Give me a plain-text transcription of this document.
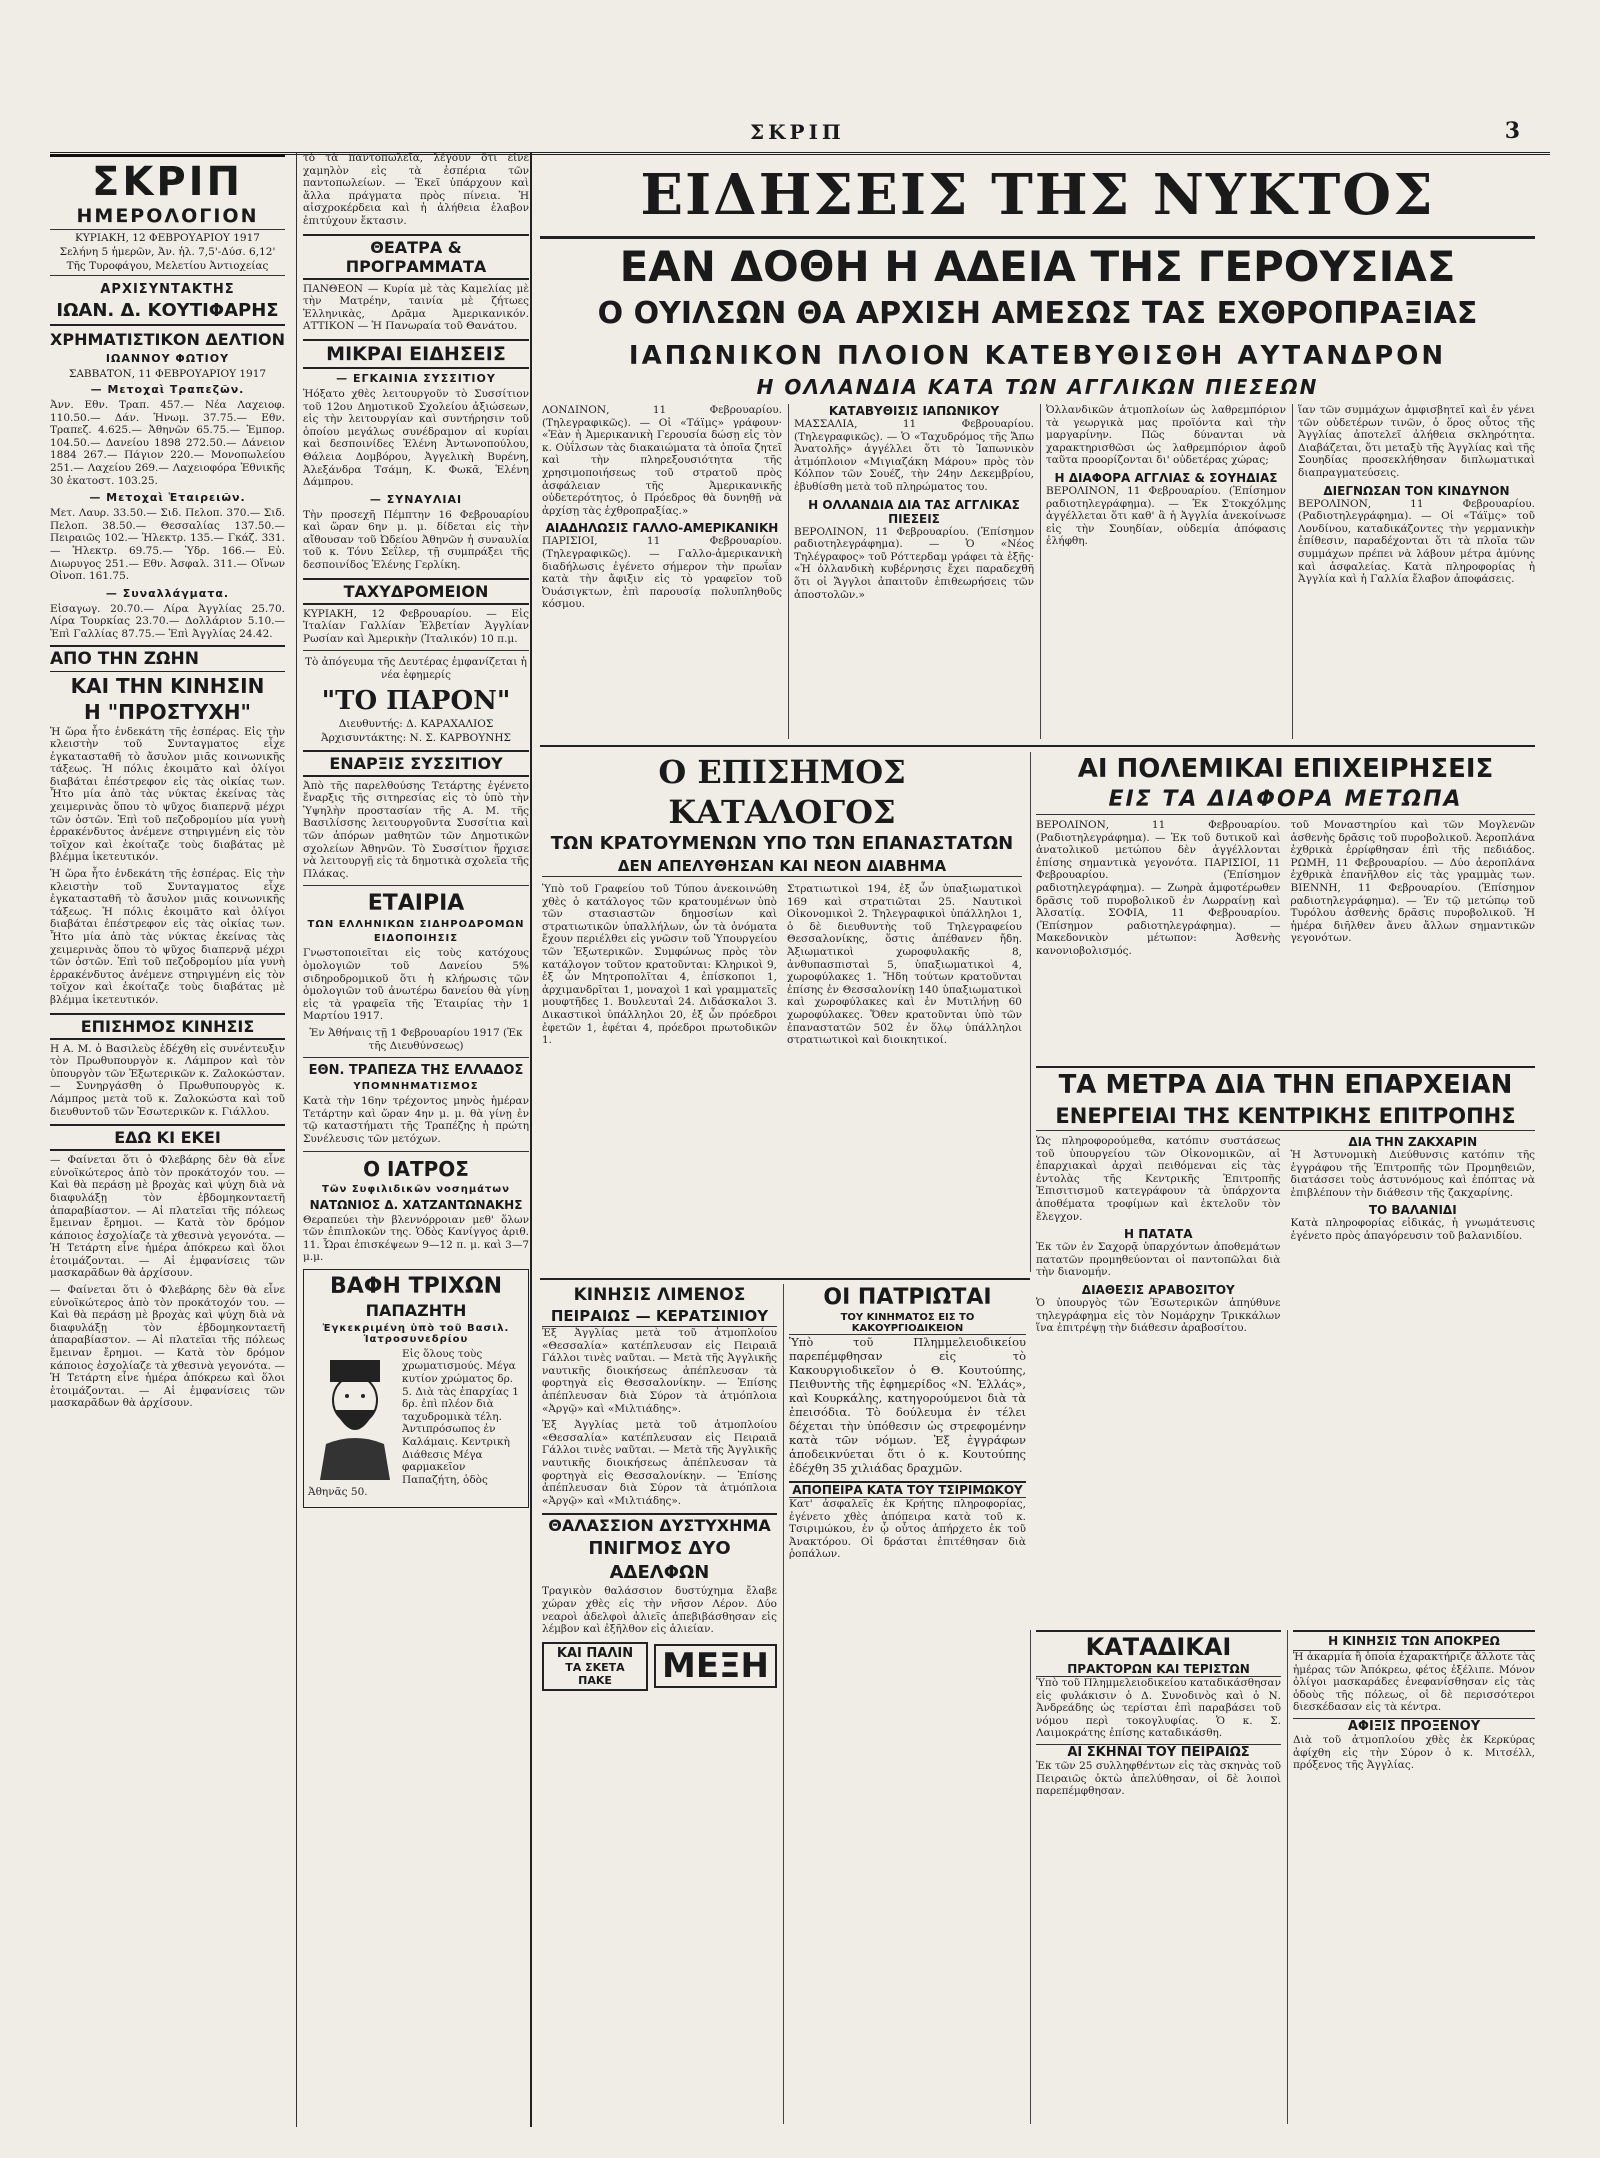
ΣΚΡΙΠ	3
ΣΚΡΙΠ
ΗΜΕΡΟΛΟΓΙΟΝ
ΚΥΡΙΑΚΗ, 12 ΦΕΒΡΟΥΑΡΙΟΥ 1917
Σελήνη 5 ἡμερῶν, Ἀν. ἡλ. 7,5'-Δύσ. 6,12'
Τῆς Τυροφάγου, Μελετίου Ἀντιοχείας
ΑΡΧΙΣΥΝΤΑΚΤΗΣ
ΙΩΑΝ. Δ. ΚΟΥΤΙΦΑΡΗΣ
ΧΡΗΜΑΤΙΣΤΙΚΟΝ ΔΕΛΤΙΟΝ
ΙΩΑΝΝΟΥ ΦΩΤΙΟΥ
ΣΑΒΒΑΤΟΝ, 11 ΦΕΒΡΟΥΑΡΙΟΥ 1917
— Μετοχαὶ Τραπεζῶν.

Ἀνν. Εθν. Τραπ. 457.— Νέα Λαχειοφ. 110.50.— Δάν. Ἠνωμ. 37.75.— Εθν. Τραπεζ. 4.625.— Ἀθηνῶν 65.75.— Ἐμπορ. 104.50.— Δανείου 1898 272.50.— Δάνειον 1884 267.— Πάγιον 220.— Μονοπωλείου 251.— Λαχείου 269.— Λαχειοφόρα Ἐθνικῆς 30 ἑκατοστ. 103.25.

— Μετοχαὶ Ἑταιρειῶν.

Μετ. Λαυρ. 33.50.— Σιδ. Πελοπ. 370.— Σιδ. Πελοπ. 38.50.— Θεσσαλίας 137.50.— Πειραιῶς 102.— Ἡλεκτρ. 135.— Γκάζ. 331.— Ἡλεκτρ. 69.75.— Ὑδρ. 166.— Εὐ. Διωρυγος 251.— Εθν. Ἀσφαλ. 311.— Οἴνων Οἰνοπ. 161.75.

— Συναλλάγματα.

Εἰσαγωγ. 20.70.— Λίρα Ἀγγλίας 25.70. Λίρα Τουρκίας 23.70.— Δολλάριον 5.10.— Ἐπὶ Γαλλίας 87.75.— Ἐπὶ Ἀγγλίας 24.42.

ΑΠΟ ΤΗΝ ΖΩΗΝ
ΚΑΙ ΤΗΝ ΚΙΝΗΣΙΝ
Η "ΠΡΟΣΤΥΧΗ"

Ἡ ὥρα ἦτο ἐνδεκάτη τῆς ἑσπέρας. Εἰς τὴν κλειστὴν τοῦ Συνταγματος εἶχε ἐγκατασταθῆ τὸ ἄσυλον μιᾶς κοινωνικῆς τάξεως. Ἡ πόλις ἐκοιμᾶτο καὶ ὁλίγοι διαβάται ἐπέστρεφον εἰς τὰς οἰκίας των. Ἦτο μία ἀπὸ τὰς νύκτας ἐκείνας τὰς χειμερινὰς ὅπου τὸ ψῦχος διαπερνᾷ μέχρι τῶν ὀστῶν. Ἐπὶ τοῦ πεζοδρομίου μία γυνὴ ἐρρακένδυτος ἀνέμενε στηριγμένη εἰς τὸν τοῖχον καὶ ἐκοίταζε τοὺς διαβάτας μὲ βλέμμα ἱκετευτικόν.

Ἡ ὥρα ἦτο ἐνδεκάτη τῆς ἑσπέρας. Εἰς τὴν κλειστὴν τοῦ Συνταγματος εἶχε ἐγκατασταθῆ τὸ ἄσυλον μιᾶς κοινωνικῆς τάξεως. Ἡ πόλις ἐκοιμᾶτο καὶ ὁλίγοι διαβάται ἐπέστρεφον εἰς τὰς οἰκίας των. Ἦτο μία ἀπὸ τὰς νύκτας ἐκείνας τὰς χειμερινὰς ὅπου τὸ ψῦχος διαπερνᾷ μέχρι τῶν ὀστῶν. Ἐπὶ τοῦ πεζοδρομίου μία γυνὴ ἐρρακένδυτος ἀνέμενε στηριγμένη εἰς τὸν τοῖχον καὶ ἐκοίταζε τοὺς διαβάτας μὲ βλέμμα ἱκετευτικόν.

ΕΠΙΣΗΜΟΣ ΚΙΝΗΣΙΣ

Η Α. Μ. ὁ Βασιλεὺς ἐδέχθη εἰς συνέντευξιν τὸν Πρωθυπουργὸν κ. Λάμπρον καὶ τὸν ὑπουργὸν τῶν Ἐξωτερικῶν κ. Ζαλοκώσταν. — Συνηργάσθη ὁ Πρωθυπουργὸς κ. Λάμπρος μετὰ τοῦ κ. Ζαλοκώστα καὶ τοῦ διευθυντοῦ τῶν Ἐσωτερικῶν κ. Γιάλλου.

ΕΔΩ ΚΙ ΕΚΕΙ

— Φαίνεται ὅτι ὁ Φλεβάρης δὲν θὰ εἶνε εὐνοϊκώτερος ἀπὸ τὸν προκάτοχόν του. — Καὶ θὰ περάσῃ μὲ βροχὰς καὶ ψύχη διὰ νὰ διαφυλάξῃ τὸν ἑβδομηκονταετῆ ἀπαραβίαστον. — Αἱ πλατεῖαι τῆς πόλεως ἔμειναν ἔρημοι. — Κατὰ τὸν δρόμον κάποιος ἐσχολίαζε τὰ χθεσινὰ γεγονότα. — Ἡ Τετάρτη εἶνε ἡμέρα ἀπόκρεω καὶ ὅλοι ἑτοιμάζονται. — Αἱ ἐμφανίσεις τῶν μασκαρᾶδων θὰ ἀρχίσουν.

— Φαίνεται ὅτι ὁ Φλεβάρης δὲν θὰ εἶνε εὐνοϊκώτερος ἀπὸ τὸν προκάτοχόν του. — Καὶ θὰ περάσῃ μὲ βροχὰς καὶ ψύχη διὰ νὰ διαφυλάξῃ τὸν ἑβδομηκονταετῆ ἀπαραβίαστον. — Αἱ πλατεῖαι τῆς πόλεως ἔμειναν ἔρημοι. — Κατὰ τὸν δρόμον κάποιος ἐσχολίαζε τὰ χθεσινὰ γεγονότα. — Ἡ Τετάρτη εἶνε ἡμέρα ἀπόκρεω καὶ ὅλοι ἑτοιμάζονται. — Αἱ ἐμφανίσεις τῶν μασκαρᾶδων θὰ ἀρχίσουν.

τὸ τὰ παντοπωλεῖα, λέγουν ὅτι εἶνε χαμηλὸν εἰς τὰ ἑσπέρια τῶν παντοπωλείων. — Ἐκεῖ ὑπάρχουν καὶ ἄλλα πράγματα πρὸς πίνεια. Ἡ αἰσχροκέρδεια καὶ ἡ ἀλήθεια ἐλαβον ἐπιτύχουν ἔκτασιν.

ΘΕΑΤΡΑ & ΠΡΟΓΡΑΜΜΑΤΑ

ΠΑΝΘΕΟΝ — Κυρία μὲ τὰς Καμελίας μὲ τὴν Ματρέην, ταινία μὲ ζήτωες Ἑλληνικὰς, Δρᾶμα Ἀμερικανικόν. ΑΤΤΙΚΟΝ — Ἡ Πανωραία τοῦ Θανάτου.

ΜΙΚΡΑΙ ΕΙΔΗΣΕΙΣ
— ΕΓΚΑΙΝΙΑ ΣΥΣΣΙΤΙΟΥ

Ἡόξατο χθὲς λειτουργοῦν τὸ Συσσίτιον τοῦ 12ου Δημοτικοῦ Σχολείου ἀξιώσεων, εἰς τὴν λειτουργίαν καὶ συντήρησιν τοῦ ὁποίου μεγάλως συνέδραμον αἱ κυρίαι καὶ δεσποινίδες Ἑλένη Ἀντωνοπούλου, Θάλεια Δομβόρου, Ἀγγελικὴ Βυρένη, Ἀλεξάνδρα Τσάμη, Κ. Φωκᾶ, Ἑλένη Δάμπρου.

— ΣΥΝΑΥΛΙΑΙ

Τὴν προσεχῆ Πέμπτην 16 Φεβρουαρίου καὶ ὥραν 6ην μ. μ. δίδεται εἰς τὴν αἴθουσαν τοῦ Ὠδείου Ἀθηνῶν ἡ συναυλία τοῦ κ. Τόνυ Σεΐλερ, τῇ συμπράξει τῆς δεσποινίδος Ἐλένης Γερλίκη.

ΤΑΧΥΔΡΟΜΕΙΟΝ

ΚΥΡΙΑΚΗ, 12 Φεβρουαρίου. — Εἰς Ἰταλίαν Γαλλίαν Ἑλβετίαν Ἀγγλίαν Ρωσίαν καὶ Ἀμερικὴν (Ἰταλικόν) 10 π.μ.

Τὸ ἀπόγευμα τῆς Δευτέρας ἐμφανίζεται ἡ νέα ἐφημερίς

"ΤΟ ΠΑΡΟΝ"
Διευθυντής: Δ. ΚΑΡΑΧΑΛΙΟΣ
Ἀρχισυντάκτης: Ν. Σ. ΚΑΡΒΟΥΝΗΣ
ΕΝΑΡΞΙΣ ΣΥΣΣΙΤΙΟΥ

Ἀπὸ τῆς παρελθούσης Τετάρτης ἐγένετο ἔναρξις τῆς σιτηρεσίας εἰς τὸ ὑπὸ τὴν Ὑψηλὴν προστασίαν τῆς Α. Μ. τῆς Βασιλίσσης λειτουργοῦντα Συσσίτια καὶ τῶν ἀπόρων μαθητῶν τῶν Δημοτικῶν σχολείων Ἀθηνῶν. Τὸ Συσσίτιον ἤρχισε νὰ λειτουργῇ εἰς τὰ δημοτικὰ σχολεῖα τῆς Πλάκας.

ΕΤΑΙΡΙΑ
ΤΩΝ ΕΛΛΗΝΙΚΩΝ ΣΙΔΗΡΟΔΡΟΜΩΝ
ΕΙΔΟΠΟΙΗΣΙΣ

Γνωστοποιεῖται εἰς τοὺς κατόχους ὁμολογιῶν τοῦ Δανείου 5% σιδηροδρομικοῦ ὅτι ἡ κλήρωσις τῶν ὁμολογιῶν τοῦ ἀνωτέρω δανείου θὰ γίνῃ εἰς τὰ γραφεῖα τῆς Ἑταιρίας τὴν 1 Μαρτίου 1917.

Ἐν Ἀθήναις τῇ 1 Φεβρουαρίου 1917 (Ἐκ τῆς Διευθύνσεως)

ΕΘΝ. ΤΡΑΠΕΖΑ ΤΗΣ ΕΛΛΑΔΟΣ
ΥΠΟΜΝΗΜΑΤΙΣΜΟΣ

Κατὰ τὴν 16ην τρέχοντος μηνὸς ἡμέραν Τετάρτην καὶ ὥραν 4ην μ. μ. θὰ γίνῃ ἐν τῷ καταστήματι τῆς Τραπέζης ἡ πρώτη Συνέλευσις τῶν μετόχων.

Ο ΙΑΤΡΟΣ
Τῶν Συφιλιδικῶν νοσημάτων
ΝΑΤΩΝΙΟΣ Δ. ΧΑΤΖΑΝΤΩΝΑΚΗΣ

Θεραπεύει τὴν βλεννόρροιαν μεθ' ὅλων τῶν ἐπιπλοκῶν της. Ὁδὸς Κανίγγος ἀριθ. 11. Ὧραι ἐπισκέψεων 9—12 π. μ. καὶ 3—7 μ.μ.

ΒΑΦΗ ΤΡΙΧΩΝ
ΠΑΠΑΖΗΤΗ
Ἐγκεκριμένη ὑπὸ τοῦ Βασιλ. Ἰατροσυνεδρίου

Εἰς ὅλους τοὺς χρωματισμούς. Μέγα κυτίον χρώματος δρ. 5. Διὰ τὰς ἐπαρχίας 1 δρ. ἐπὶ πλέον διὰ ταχυδρομικὰ τέλη. Ἀντιπρόσωπος ἐν Καλάμαις. Κεντρικὴ Διάθεσις Μέγα φαρμακεῖον Παπαζήτη, ὁδὸς Ἀθηνᾶς 50.

ΕΙΔΗΣΕΙΣ ΤΗΣ ΝΥΚΤΟΣ
ΕΑΝ ΔΟΘΗ Η ΑΔΕΙΑ ΤΗΣ ΓΕΡΟΥΣΙΑΣ
Ο ΟΥΙΛΣΩΝ ΘΑ ΑΡΧΙΣΗ ΑΜΕΣΩΣ ΤΑΣ ΕΧΘΡΟΠΡΑΞΙΑΣ
ΙΑΠΩΝΙΚΟΝ ΠΛΟΙΟΝ ΚΑΤΕΒΥΘΙΣΘΗ ΑΥΤΑΝΔΡΟΝ
Η ΟΛΛΑΝΔΙΑ ΚΑΤΑ ΤΩΝ ΑΓΓΛΙΚΩΝ ΠΙΕΣΕΩΝ

ΛΟΝΔΙΝΟΝ, 11 Φεβρουαρίου. (Τηλεγραφικῶς). — Οἱ «Τάϊμς» γράφουν· «Ἐὰν ἡ Ἀμερικανικὴ Γερουσία δώσῃ εἰς τὸν κ. Οὐΐλσων τὰς διακαιώματα τὰ ὁποῖα ζητεῖ καὶ τὴν πληρεξουσιότητα τῆς χρησιμοποιήσεως τοῦ στρατοῦ πρὸς ἀσφάλειαν τῆς Ἀμερικανικῆς οὐδετερότητος, ὁ Πρόεδρος θὰ δυνηθῇ νὰ ἀρχίσῃ τὰς ἐχθροπραξίας.»

ΑΙΑΔΗΛΩΣΙΣ ΓΑΛΛΟ-ΑΜΕΡΙΚΑΝΙΚΗ

ΠΑΡΙΣΙΟΙ, 11 Φεβρουαρίου. (Τηλεγραφικῶς). — Γαλλο-ἀμερικανικὴ διαδήλωσις ἐγένετο σήμερον τὴν πρωΐαν κατὰ τὴν ἄφιξιν εἰς τὸ γραφεῖον τοῦ Ὀυάσιγκτων, ἐπὶ παρουσίᾳ πολυπληθοῦς κόσμου.

ΚΑΤΑΒΥΘΙΣΙΣ ΙΑΠΩΝΙΚΟΥ

ΜΑΣΣΑΛΙΑ, 11 Φεβρουαρίου. (Τηλεγραφικῶς). — Ὁ «Ταχυδρόμος τῆς Ἄπω Ἀνατολῆς» ἀγγέλλει ὅτι τὸ Ἰαπωνικὸν ἀτμόπλοιον «Μιγιαζάκη Μάρου» πρὸς τὸν Κόλπον τῶν Σουέζ, τὴν 24ην Δεκεμβρίου, ἐβυθίσθη μετὰ τοῦ πληρώματος του.

Η ΟΛΛΑΝΔΙΑ ΔΙΑ ΤΑΣ ΑΓΓΛΙΚΑΣ ΠΙΕΣΕΙΣ

ΒΕΡΟΛΙΝΟΝ, 11 Φεβρουαρίου. (Ἐπίσημον ραδιοτηλεγράφημα). — Ὁ «Νέος Τηλέγραφος» τοῦ Ρόττερδαμ γράφει τὰ ἑξῆς· «Ἡ ὀλλανδικὴ κυβέρνησις ἔχει παραδεχθῆ ὅτι οἱ Ἄγγλοι ἀπαιτοῦν ἐπιθεωρήσεις τῶν ἀποστολῶν.»

Ὀλλανδικῶν ἀτμοπλοίων ὡς λαθρεμπόριον τὰ γεωργικὰ μας προϊόντα καὶ τὴν μαργαρίνην. Πῶς δύνανται νὰ χαρακτηρισθῶσι ὡς λαθρεμπόριον ἀφοῦ ταῦτα προορίζονται δι' οὐδετέρας χώρας;

Η ΔΙΑΦΟΡΑ ΑΓΓΛΙΑΣ & ΣΟΥΗΔΙΑΣ

ΒΕΡΟΛΙΝΟΝ, 11 Φεβρουαρίου. (Ἐπίσημον ραδιοτηλεγράφημα). — Ἐκ Στοκχόλμης ἀγγέλλεται ὅτι καθ' ἃ ἡ Ἀγγλία ἀνεκοίνωσε εἰς τὴν Σουηδίαν, οὐδεμία ἀπόφασις ἐλήφθη.

ἵαν τῶν συμμάχων ἀμφισβητεῖ καὶ ἐν γένει τῶν οὐδετέρων τινῶν, ὁ ὅρος οὗτος τῆς Ἀγγλίας ἀποτελεῖ ἀλήθεια σκληρότητα. Διαβάζεται, ὅτι μεταξὺ τῆς Ἀγγλίας καὶ τῆς Σουηδίας προσεκλήθησαν διπλωματικαὶ διαπραγματεύσεις.

ΔΙΕΓΝΩΣΑΝ ΤΟΝ ΚΙΝΔΥΝΟΝ

ΒΕΡΟΛΙΝΟΝ, 11 Φεβρουαρίου. (Ραδιοτηλεγράφημα). — Οἱ «Τάϊμς» τοῦ Λονδίνου, καταδικάζοντες τὴν γερμανικὴν ἐπίθεσιν, παραδέχονται ὅτι τὰ πλοῖα τῶν συμμάχων πρέπει νὰ λάβουν μέτρα ἀμύνης καὶ ἀσφαλείας. Κατὰ πληροφορίας ἡ Ἀγγλία καὶ ἡ Γαλλία ἔλαβον ἀποφάσεις.

Ο ΕΠΙΣΗΜΟΣ ΚΑΤΑΛΟΓΟΣ
ΤΩΝ ΚΡΑΤΟΥΜΕΝΩΝ ΥΠΟ ΤΩΝ ΕΠΑΝΑΣΤΑΤΩΝ
ΔΕΝ ΑΠΕΛΥΘΗΣΑΝ ΚΑΙ ΝΕΟΝ ΔΙΑΒΗΜΑ

Ὑπὸ τοῦ Γραφείου τοῦ Τύπου ἀνεκοινώθη χθὲς ὁ κατάλογος τῶν κρατουμένων ὑπὸ τῶν στασιαστῶν δημοσίων καὶ στρατιωτικῶν ὑπαλλήλων, ὧν τὰ ὀνόματα ἔχουν περιέλθει εἰς γνῶσιν τοῦ Ὑπουργείου τῶν Ἐξωτερικῶν. Συμφώνως πρὸς τὸν κατάλογον τοῦτον κρατοῦνται: Κληρικοὶ 9, ἐξ ὧν Μητροπολῖται 4, ἐπίσκοποι 1, ἀρχιμανδρῖται 1, μοναχοὶ 1 καὶ γραμματεῖς μουφτῆδες 1. Βουλευταὶ 24. Διδάσκαλοι 3. Δικαστικοὶ ὑπάλληλοι 20, ἐξ ὧν πρόεδροι ἐφετῶν 1, ἐφέται 4, πρόεδροι πρωτοδικῶν 1.

Στρατιωτικοὶ 194, ἐξ ὧν ὑπαξιωματικοὶ 169 καὶ στρατιῶται 25. Ναυτικοὶ Οἰκονομικοὶ 2. Τηλεγραφικοὶ ὑπάλληλοι 1, ὁ δὲ διευθυντὴς τοῦ Τηλεγραφείου Θεσσαλονίκης, ὅστις ἀπέθανεν ἤδη. Ἀξιωματικοὶ χωροφυλακῆς 8, ἀνθυπασπισταὶ 5, ὑπαξιωματικοὶ 4, χωροφύλακες 1. Ἤδη τούτων κρατοῦνται ἐπίσης ἐν Θεσσαλονίκῃ 140 ὑπαξιωματικοὶ καὶ χωροφύλακες καὶ ἐν Μυτιλήνῃ 60 χωροφύλακες. Ὅθεν κρατοῦνται ὑπὸ τῶν ἐπαναστατῶν 502 ἐν ὅλῳ ὑπάλληλοι στρατιωτικοὶ καὶ διοικητικοί.

ΑΙ ΠΟΛΕΜΙΚΑΙ ΕΠΙΧΕΙΡΗΣΕΙΣ
ΕΙΣ ΤΑ ΔΙΑΦΟΡΑ ΜΕΤΩΠΑ

ΒΕΡΟΛΙΝΟΝ, 11 Φεβρουαρίου. (Ραδιοτηλεγράφημα). — Ἐκ τοῦ δυτικοῦ καὶ ἀνατολικοῦ μετώπου δὲν ἀγγέλλονται ἐπίσης σημαντικὰ γεγονότα. ΠΑΡΙΣΙΟΙ, 11 Φεβρουαρίου. (Ἐπίσημον ραδιοτηλεγράφημα). — Ζωηρὰ ἀμφοτέρωθεν δρᾶσις τοῦ πυροβολικοῦ ἐν Λωρραίνῃ καὶ Ἀλσατίᾳ. ΣΟΦΙΑ, 11 Φεβρουαρίου. (Ἐπίσημον ραδιοτηλεγράφημα). — Μακεδονικὸν μέτωπον: Ἀσθενὴς κανονιοβολισμός.

τοῦ Μοναστηρίου καὶ τῶν Μογλενῶν ἀσθενὴς δρᾶσις τοῦ πυροβολικοῦ. Ἀεροπλάνα ἐχθρικὰ ἐρρίφθησαν ἐπὶ τῆς πεδιάδος. ΡΩΜΗ, 11 Φεβρουαρίου. — Δύο ἀεροπλάνα ἐχθρικὰ ἐπανῆλθον εἰς τὰς γραμμὰς των. ΒΙΕΝΝΗ, 11 Φεβρουαρίου. (Ἐπίσημον ραδιοτηλεγράφημα). — Ἐν τῷ μετώπῳ τοῦ Τυρόλου ἀσθενὴς δρᾶσις πυροβολικοῦ. Ἡ ἡμέρα διῆλθεν ἄνευ ἄλλων σημαντικῶν γεγονότων.

ΤΑ ΜΕΤΡΑ ΔΙΑ ΤΗΝ ΕΠΑΡΧΕΙΑΝ
ΕΝΕΡΓΕΙΑΙ ΤΗΣ ΚΕΝΤΡΙΚΗΣ ΕΠΙΤΡΟΠΗΣ

Ὡς πληροφορούμεθα, κατόπιν συστάσεως τοῦ ὑπουργείου τῶν Οἰκονομικῶν, αἱ ἐπαρχιακαὶ ἀρχαὶ πειθόμεναι εἰς τὰς ἐντολὰς τῆς Κεντρικῆς Ἐπιτροπῆς Ἐπισιτισμοῦ κατεγράφουν τὰ ὑπάρχοντα ἀποθέματα τροφίμων καὶ ἐκτελοῦν τὸν ἔλεγχον.

Η ΠΑΤΑΤΑ

Ἐκ τῶν ἐν Σαχορᾷ ὑπαρχόντων ἀποθεμάτων πατατῶν προμηθεύονται οἱ παντοπῶλαι διὰ τὴν διανομήν.

ΔΙΑΘΕΣΙΣ ΑΡΑΒΟΣΙΤΟΥ

Ὁ ὑπουργὸς τῶν Ἐσωτερικῶν ἀπηύθυνε τηλεγράφημα εἰς τὸν Νομάρχην Τρικκάλων ἵνα ἐπιτρέψῃ τὴν διάθεσιν ἀραβοσίτου.

ΔΙΑ ΤΗΝ ΖΑΚΧΑΡΙΝ

Ἡ Ἀστυνομικὴ Διεύθυνσις κατόπιν τῆς ἐγγράφου τῆς Ἐπιτροπῆς τῶν Προμηθειῶν, διατάσσει τοὺς ἀστυνόμους καὶ ἐπόπτας νὰ ἐπιβλέπουν τὴν διάθεσιν τῆς ζακχαρίνης.

ΤΟ ΒΑΛΑΝΙΔΙ

Κατὰ πληροφορίας εἰδικάς, ἡ γνωμάτευσις ἐγένετο πρὸς ἀπαγόρευσιν τοῦ βαλανιδίου.

ΚΙΝΗΣΙΣ ΛΙΜΕΝΟΣ
ΠΕΙΡΑΙΩΣ — ΚΕΡΑΤΣΙΝΙΟΥ

Ἐξ Ἀγγλίας μετὰ τοῦ ἀτμοπλοίου «Θεσσαλία» κατέπλευσαν εἰς Πειραιᾶ Γάλλοι τινὲς ναῦται. — Μετὰ τῆς Ἀγγλικῆς ναυτικῆς διοικήσεως ἀπέπλευσαν τὰ φορτηγὰ εἰς Θεσσαλονίκην. — Ἐπίσης ἀπέπλευσαν διὰ Σύρον τὰ ἀτμόπλοια «Ἀργῷ» καὶ «Μιλτιάδης».

Ἐξ Ἀγγλίας μετὰ τοῦ ἀτμοπλοίου «Θεσσαλία» κατέπλευσαν εἰς Πειραιᾶ Γάλλοι τινὲς ναῦται. — Μετὰ τῆς Ἀγγλικῆς ναυτικῆς διοικήσεως ἀπέπλευσαν τὰ φορτηγὰ εἰς Θεσσαλονίκην. — Ἐπίσης ἀπέπλευσαν διὰ Σύρον τὰ ἀτμόπλοια «Ἀργῷ» καὶ «Μιλτιάδης».

ΘΑΛΑΣΣΙΟΝ ΔΥΣΤΥΧΗΜΑ
ΠΝΙΓΜΟΣ ΔΥΟ ΑΔΕΛΦΩΝ

Τραγικὸν θαλάσσιον δυστύχημα ἔλαβε χώραν χθὲς εἰς τὴν νῆσον Λέρον. Δύο νεαροὶ ἀδελφοὶ ἁλιεῖς ἀπεβιβάσθησαν εἰς λέμβον καὶ ἐξῆλθον εἰς ἁλιείαν.

ΚΑΙ ΠΑΛΙΝ
ΤΑ ΣΚΕΤΑ ΠΑΚΕ	ΜΕΞΗ
ΟΙ ΠΑΤΡΙΩΤΑΙ
ΤΟΥ ΚΙΝΗΜΑΤΟΣ ΕΙΣ ΤΟ ΚΑΚΟΥΡΓΙΟΔΙΚΕΙΟΝ

Ὑπὸ τοῦ Πλημμελειοδικείου παρεπέμφθησαν εἰς τὸ Κακουργιοδικεῖον ὁ Θ. Κουτούπης, Πειθυντὴς τῆς ἐφημερίδος «Ν. Ἑλλάς», καὶ Κουρκάλης, κατηγορούμενοι διὰ τὰ ἐπεισόδια. Τὸ δούλευμα ἐν τέλει δέχεται τὴν ὑπόθεσιν ὡς στρεφομένην κατὰ τῶν νόμων. Ἐξ ἐγγράφων ἀποδεικνύεται ὅτι ὁ κ. Κουτούπης ἐδέχθη 35 χιλιάδας δραχμῶν.

ΑΠΟΠΕΙΡΑ ΚΑΤΑ ΤΟΥ ΤΣΙΡΙΜΩΚΟΥ

Κατ' ἀσφαλεῖς ἐκ Κρήτης πληροφορίας, ἐγένετο χθὲς ἀπόπειρα κατὰ τοῦ κ. Τσιριμώκου, ἐν ᾧ οὗτος ἀπήρχετο ἐκ τοῦ Ἀνακτόρου. Οἱ δράσται ἐπιτέθησαν διὰ ῥοπάλων.

ΚΑΤΑΔΙΚΑΙ
ΠΡΑΚΤΟΡΩΝ ΚΑΙ ΤΕΡΙΣΤΩΝ

Ὑπὸ τοῦ Πλημμελειοδικείου καταδικάσθησαν εἰς φυλάκισιν ὁ Δ. Συνοδινὸς καὶ ὁ Ν. Ἀνδρεάδης ὡς τερίσται ἐπὶ παραβάσει τοῦ νόμου περὶ τοκογλυφίας. Ὁ κ. Σ. Λαιμοκράτης ἐπίσης καταδικάσθη.

ΑΙ ΣΚΗΝΑΙ ΤΟΥ ΠΕΙΡΑΙΩΣ

Ἐκ τῶν 25 συλληφθέντων εἰς τὰς σκηνὰς τοῦ Πειραιῶς ὀκτὼ ἀπελύθησαν, οἱ δὲ λοιποὶ παρεπέμφθησαν.

Η ΚΙΝΗΣΙΣ ΤΩΝ ΑΠΟΚΡΕΩ

Ἡ ἀκαρμία ἢ ὁποία ἐχαρακτήριζε ἄλλοτε τὰς ἡμέρας τῶν Ἀπόκρεω, φέτος ἐξέλιπε. Μόνον ὀλίγοι μασκαράδες ἐνεφανίσθησαν εἰς τὰς ὁδοὺς τῆς πόλεως, οἱ δὲ περισσότεροι διεσκέδασαν εἰς τὰ κέντρα.

ΑΦΙΞΙΣ ΠΡΟΞΕΝΟΥ

Διὰ τοῦ ἀτμοπλοίου χθὲς ἐκ Κερκύρας ἀφίχθη εἰς τὴν Σύρον ὁ κ. Μιτσέλλ, πρόξενος τῆς Ἀγγλίας.
